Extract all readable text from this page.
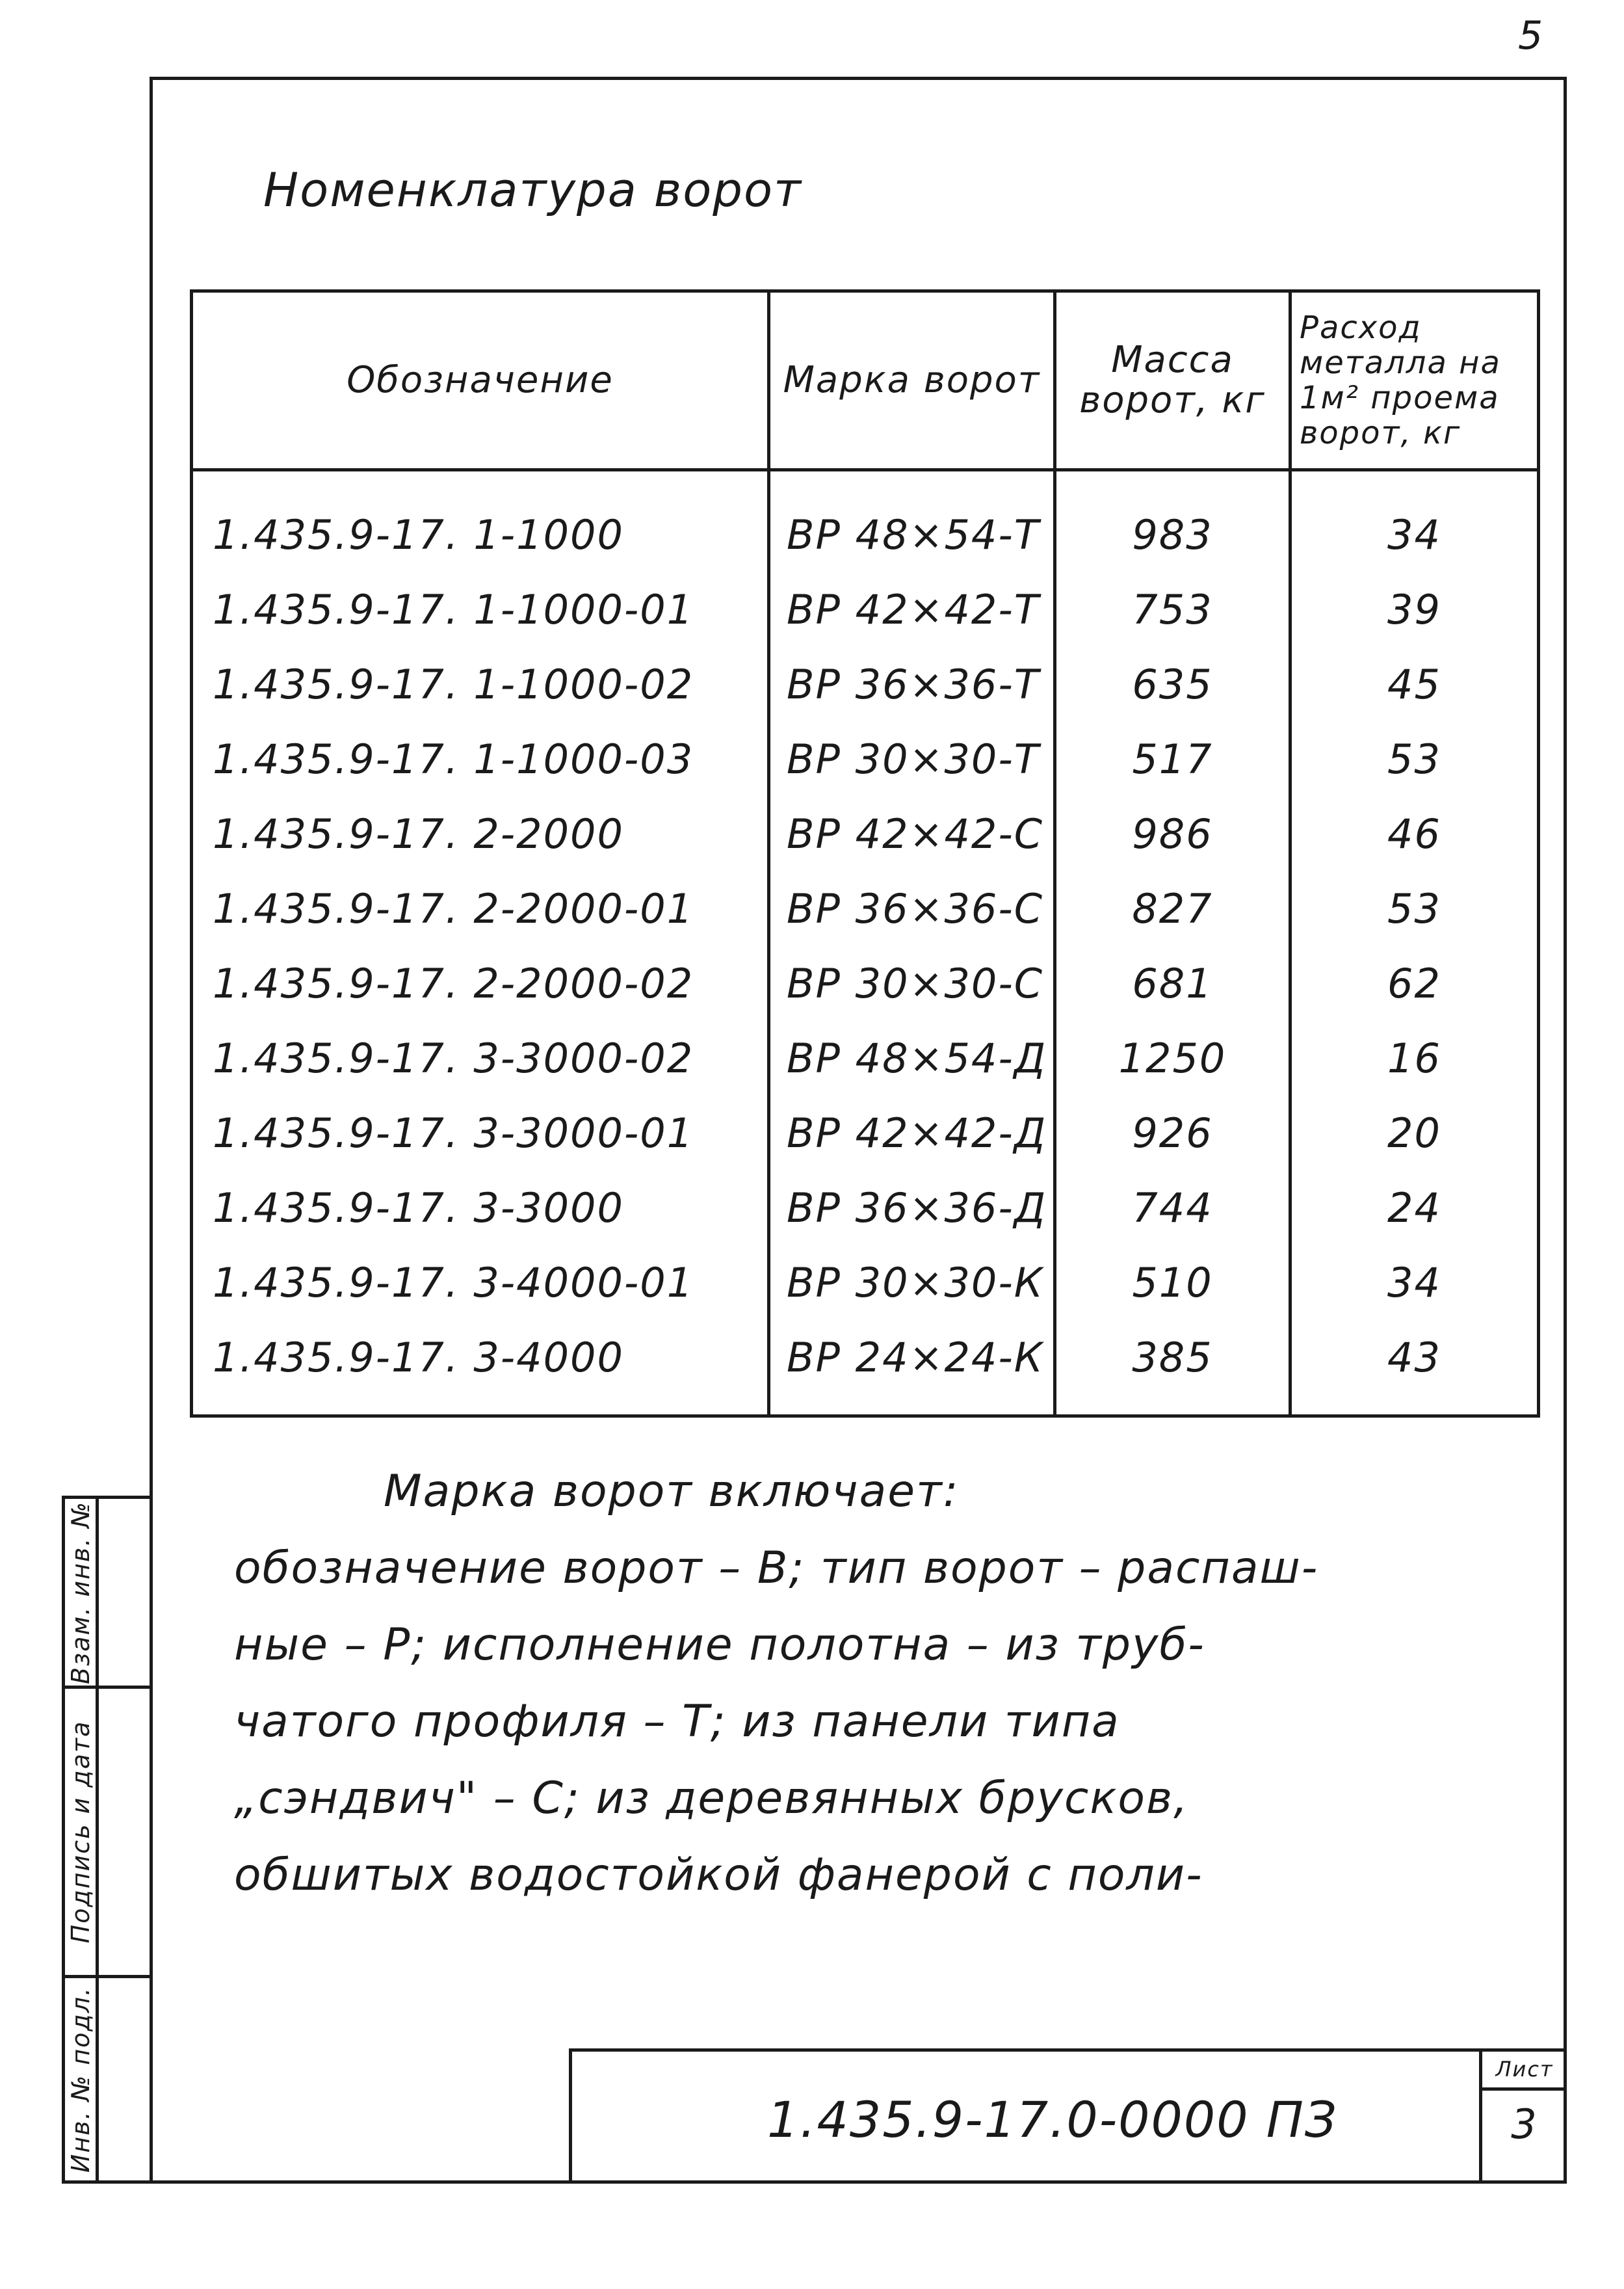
5
Номенклатура ворот
Обозначение	Марка ворот	Масса ворот, кг	Расход металла на 1м² проема ворот, кг
1.435.9-17. 1-1000	ВР 48×54-Т	983	34
1.435.9-17. 1-1000-01	ВР 42×42-Т	753	39
1.435.9-17. 1-1000-02	ВР 36×36-Т	635	45
1.435.9-17. 1-1000-03	ВР 30×30-Т	517	53
1.435.9-17. 2-2000	ВР 42×42-С	986	46
1.435.9-17. 2-2000-01	ВР 36×36-С	827	53
1.435.9-17. 2-2000-02	ВР 30×30-С	681	62
1.435.9-17. 3-3000-02	ВР 48×54-Д	1250	16
1.435.9-17. 3-3000-01	ВР 42×42-Д	926	20
1.435.9-17. 3-3000	ВР 36×36-Д	744	24
1.435.9-17. 3-4000-01	ВР 30×30-К	510	34
1.435.9-17. 3-4000	ВР 24×24-К	385	43
Марка ворот включает:
обозначение ворот – В; тип ворот – распаш-
ные – Р; исполнение полотна – из труб-
чатого профиля – Т; из панели типа
„сэндвич" – С; из деревянных брусков,
обшитых водостойкой фанерой с поли-
Взам. инв. №
Подпись и дата
Инв. № подл.	1.435.9-17.0-0000 ПЗ
Лист
3
